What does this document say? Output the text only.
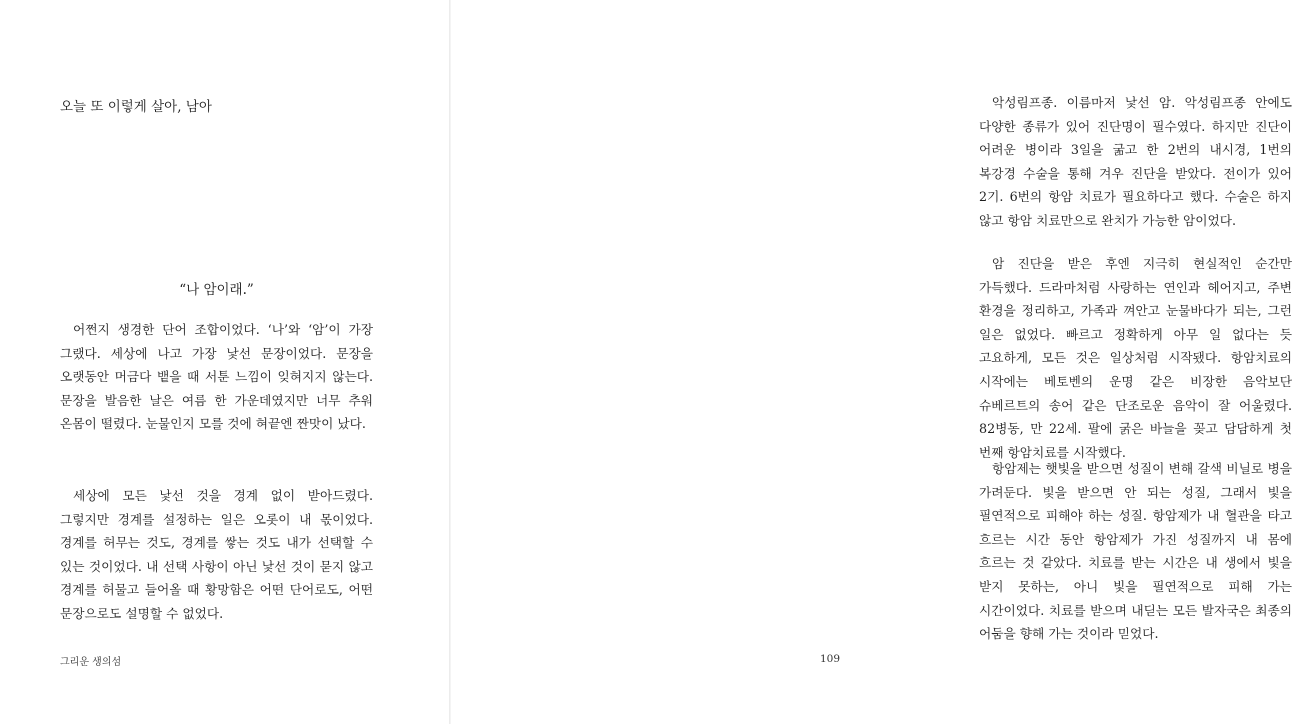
오늘 또 이렇게 살아, 남아

“나 암이래.”

어쩐지 생경한 단어 조합이었다. ‘나’와 ‘암’이 가장 그랬다. 세상에 나고 가장 낯선 문장이었다. 문장을 오랫동안 머금다 뱉을 때 서툰 느낌이 잊혀지지 않는다. 문장을 발음한 날은 여름 한 가운데였지만 너무 추워 온몸이 떨렸다. 눈물인지 모를 것에 혀끝엔 짠맛이 났다.

세상에 모든 낯선 것을 경계 없이 받아드렸다. 그렇지만 경계를 설정하는 일은 오롯이 내 몫이었다. 경계를 허무는 것도, 경계를 쌓는 것도 내가 선택할 수 있는 것이었다. 내 선택 사항이 아닌 낯선 것이 묻지 않고 경계를 허물고 들어올 때 황망함은 어떤 단어로도, 어떤 문장으로도 설명할 수 없었다.

그리운 생의섬

악성림프종. 이름마저 낯선 암. 악성림프종 안에도 다양한 종류가 있어 진단명이 필수였다. 하지만 진단이 어려운 병이라 3일을 굶고 한 2번의 내시경, 1번의 복강경 수술을 통해 겨우 진단을 받았다. 전이가 있어 2기. 6번의 항암 치료가 필요하다고 했다. 수술은 하지 않고 항암 치료만으로 완치가 가능한 암이었다.

암 진단을 받은 후엔 지극히 현실적인 순간만 가득했다. 드라마처럼 사랑하는 연인과 헤어지고, 주변 환경을 정리하고, 가족과 껴안고 눈물바다가 되는, 그런 일은 없었다. 빠르고 정확하게 아무 일 없다는 듯 고요하게, 모든 것은 일상처럼 시작됐다. 항암치료의 시작에는 베토벤의 운명 같은 비장한 음악보단 슈베르트의 송어 같은 단조로운 음악이 잘 어울렸다. 82병동, 만 22세. 팔에 굵은 바늘을 꽂고 담담하게 첫 번째 항암치료를 시작했다.

항암제는 햇빛을 받으면 성질이 변해 갈색 비닐로 병을 가려둔다. 빛을 받으면 안 되는 성질, 그래서 빛을 필연적으로 피해야 하는 성질. 항암제가 내 혈관을 타고 흐르는 시간 동안 항암제가 가진 성질까지 내 몸에 흐르는 것 같았다. 치료를 받는 시간은 내 생에서 빛을 받지 못하는, 아니 빛을 필연적으로 피해 가는 시간이었다. 치료를 받으며 내딛는 모든 발자국은 최종의 어둠을 향해 가는 것이라 믿었다.

109
